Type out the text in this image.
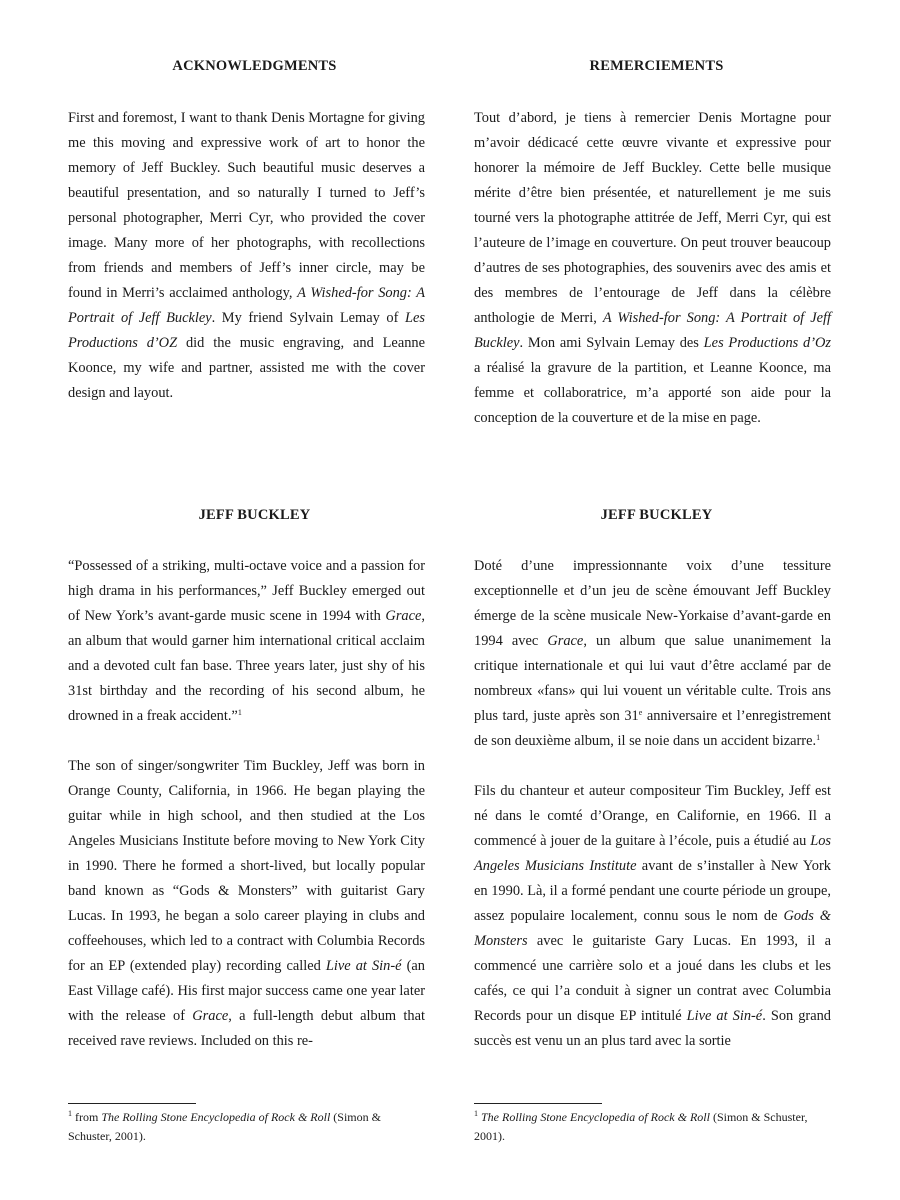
ACKNOWLEDGMENTS

First and foremost, I want to thank Denis Mortagne for giving me this moving and expressive work of art to honor the memory of Jeff Buckley. Such beautiful music deserves a beautiful presentation, and so naturally I turned to Jeff’s personal photographer, Merri Cyr, who provided the cover image. Many more of her photographs, with recollections from friends and members of Jeff’s inner circle, may be found in Merri’s acclaimed anthology, A Wished-for Song: A Portrait of Jeff Buckley. My friend Sylvain Lemay of Les Productions d’OZ did the music engraving, and Leanne Koonce, my wife and partner, assisted me with the cover design and layout.

REMERCIEMENTS

Tout d’abord, je tiens à remercier Denis Mortagne pour m’avoir dédicacé cette œuvre vivante et expressive pour honorer la mémoire de Jeff Buckley. Cette belle musique mérite d’être bien présentée, et naturellement je me suis tourné vers la photographe attitrée de Jeff, Merri Cyr, qui est l’auteure de l’image en couverture. On peut trouver beaucoup d’autres de ses photographies, des souvenirs avec des amis et des membres de l’entourage de Jeff dans la célèbre anthologie de Merri, A Wished-for Song: A Portrait of Jeff Buckley. Mon ami Sylvain Lemay des Les Productions d’Oz a réalisé la gravure de la partition, et Leanne Koonce, ma femme et collaboratrice, m’a apporté son aide pour la conception de la couverture et de la mise en page.

JEFF BUCKLEY

“Possessed of a striking, multi-octave voice and a passion for high drama in his performances,” Jeff Buckley emerged out of New York’s avant-garde music scene in 1994 with Grace, an album that would garner him international critical acclaim and a devoted cult fan base. Three years later, just shy of his 31st birthday and the recording of his second album, he drowned in a freak accident.”$^1$

The son of singer/songwriter Tim Buckley, Jeff was born in Orange County, California, in 1966. He began playing the guitar while in high school, and then studied at the Los Angeles Musicians Institute before moving to New York City in 1990. There he formed a short-lived, but locally popular band known as “Gods & Monsters” with guitarist Gary Lucas. In 1993, he began a solo career playing in clubs and coffeehouses, which led to a contract with Columbia Records for an EP (extended play) recording called Live at Sin-é (an East Village café). His first major success came one year later with the release of Grace, a full-length debut album that received rave reviews. Included on this re-

JEFF BUCKLEY

Doté d’une impressionnante voix d’une tessiture exceptionnelle et d’un jeu de scène émouvant Jeff Buckley émerge de la scène musicale New-Yorkaise d’avant-garde en 1994 avec Grace, un album que salue unanimement la critique internationale et qui lui vaut d’être acclamé par de nombreux «fans» qui lui vouent un véritable culte. Trois ans plus tard, juste après son 31e anniversaire et l’enregistrement de son deuxième album, il se noie dans un accident bizarre.$^1$

Fils du chanteur et auteur compositeur Tim Buckley, Jeff est né dans le comté d’Orange, en Californie, en 1966. Il a commencé à jouer de la guitare à l’école, puis a étudié au Los Angeles Musicians Institute avant de s’installer à New York en 1990. Là, il a formé pendant une courte période un groupe, assez populaire localement, connu sous le nom de Gods & Monsters avec le guitariste Gary Lucas. En 1993, il a commencé une carrière solo et a joué dans les clubs et les cafés, ce qui l’a conduit à signer un contrat avec Columbia Records pour un disque EP intitulé Live at Sin-é. Son grand succès est venu un an plus tard avec la sortie

$^1$ from The Rolling Stone Encyclopedia of Rock & Roll (Simon & Schuster, 2001).
$^1$ The Rolling Stone Encyclopedia of Rock & Roll (Simon & Schuster, 2001).
